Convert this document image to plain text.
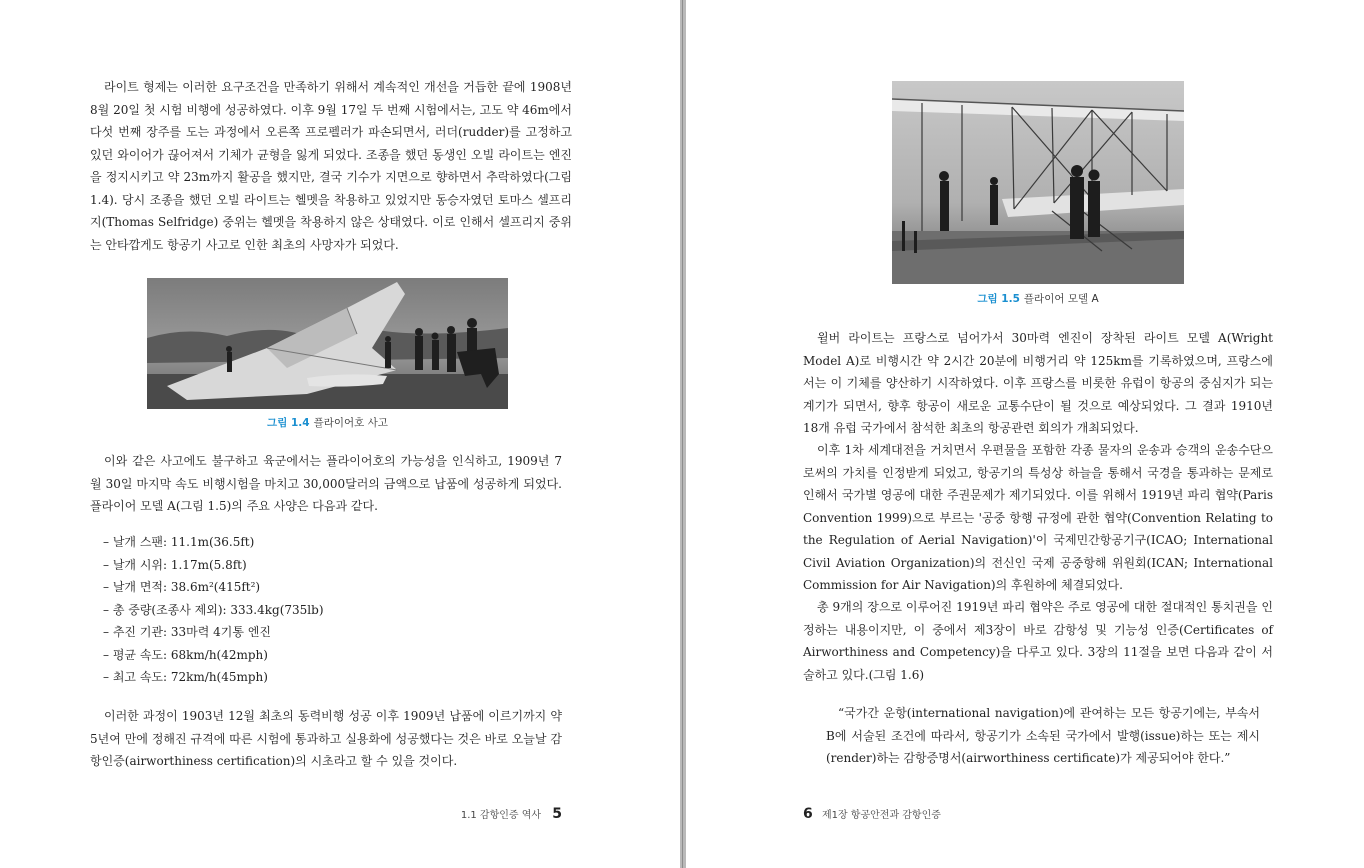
라이트 형제는 이러한 요구조건을 만족하기 위해서 계속적인 개선을 거듭한 끝에 1908년 8월 20일 첫 시험 비행에 성공하였다. 이후 9월 17일 두 번째 시험에서는, 고도 약 46m에서 다섯 번째 장주를 도는 과정에서 오른쪽 프로펠러가 파손되면서, 러더(rudder)를 고정하고 있던 와이어가 끊어져서 기체가 균형을 잃게 되었다. 조종을 했던 동생인 오빌 라이트는 엔진을 정지시키고 약 23m까지 활공을 했지만, 결국 기수가 지면으로 향하면서 추락하였다(그림 1.4). 당시 조종을 했던 오빌 라이트는 헬멧을 착용하고 있었지만 동승자였던 토마스 셀프리지(Thomas Selfridge) 중위는 헬멧을 착용하지 않은 상태였다. 이로 인해서 셀프리지 중위는 안타깝게도 항공기 사고로 인한 최초의 사망자가 되었다.

그림 1.4 플라이어호 사고

이와 같은 사고에도 불구하고 육군에서는 플라이어호의 가능성을 인식하고, 1909년 7월 30일 마지막 속도 비행시험을 마치고 30,000달러의 금액으로 납품에 성공하게 되었다. 플라이어 모델 A(그림 1.5)의 주요 사양은 다음과 같다.

– 날개 스팬: 11.1m(36.5ft)
– 날개 시위: 1.17m(5.8ft)
– 날개 면적: 38.6m²(415ft²)
– 총 중량(조종사 제외): 333.4kg(735lb)
– 추진 기관: 33마력 4기통 엔진
– 평균 속도: 68km/h(42mph)
– 최고 속도: 72km/h(45mph)

이러한 과정이 1903년 12월 최초의 동력비행 성공 이후 1909년 납품에 이르기까지 약 5년여 만에 정해진 규격에 따른 시험에 통과하고 실용화에 성공했다는 것은 바로 오늘날 감항인증(airworthiness certification)의 시초라고 할 수 있을 것이다.

1.1 감항인증 역사 5
그림 1.5 플라이어 모델 A

윌버 라이트는 프랑스로 넘어가서 30마력 엔진이 장착된 라이트 모델 A(Wright Model A)로 비행시간 약 2시간 20분에 비행거리 약 125km를 기록하였으며, 프랑스에서는 이 기체를 양산하기 시작하였다. 이후 프랑스를 비롯한 유럽이 항공의 중심지가 되는 계기가 되면서, 향후 항공이 새로운 교통수단이 될 것으로 예상되었다. 그 결과 1910년 18개 유럽 국가에서 참석한 최초의 항공관련 회의가 개최되었다.

이후 1차 세계대전을 거치면서 우편물을 포함한 각종 물자의 운송과 승객의 운송수단으로써의 가치를 인정받게 되었고, 항공기의 특성상 하늘을 통해서 국경을 통과하는 문제로 인해서 국가별 영공에 대한 주권문제가 제기되었다. 이를 위해서 1919년 파리 협약(Paris Convention 1999)으로 부르는 '공중 항행 규정에 관한 협약(Convention Relating to the Regulation of Aerial Navigation)'이 국제민간항공기구(ICAO; International Civil Aviation Organization)의 전신인 국제 공중항해 위원회(ICAN; International Commission for Air Navigation)의 후원하에 체결되었다.

총 9개의 장으로 이루어진 1919년 파리 협약은 주로 영공에 대한 절대적인 통치권을 인정하는 내용이지만, 이 중에서 제3장이 바로 감항성 및 기능성 인증(Certificates of Airworthiness and Competency)을 다루고 있다. 3장의 11절을 보면 다음과 같이 서술하고 있다.(그림 1.6)

“국가간 운항(international navigation)에 관여하는 모든 항공기에는, 부속서 B에 서술된 조건에 따라서, 항공기가 소속된 국가에서 발행(issue)하는 또는 제시(render)하는 감항증명서(airworthiness certificate)가 제공되어야 한다.”
6 제1장 항공안전과 감항인증
